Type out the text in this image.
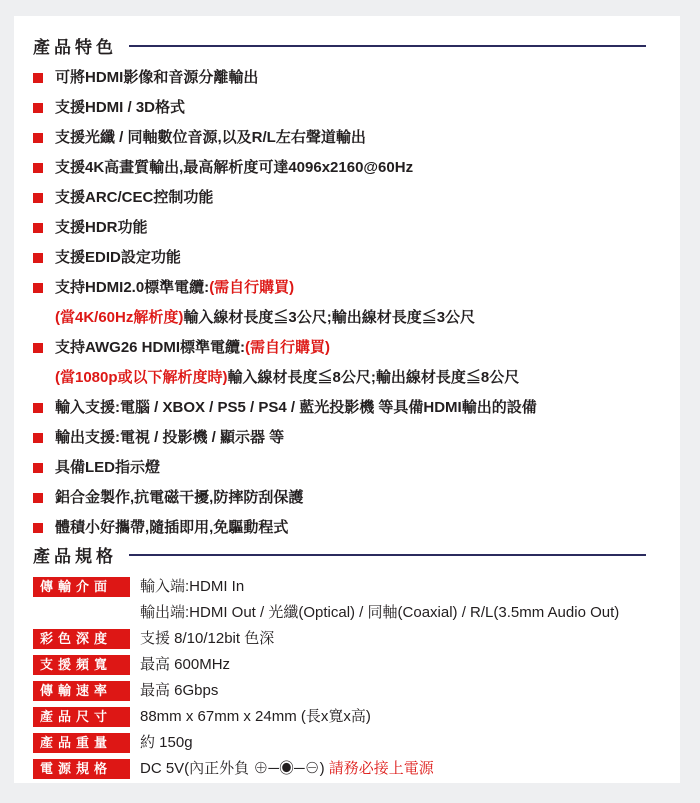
產品特色
可將HDMI影像和音源分離輸出
支援HDMI / 3D格式
支援光纖 / 同軸數位音源,以及R/L左右聲道輸出
支援4K高畫質輸出,最高解析度可達4096x2160@60Hz
支援ARC/CEC控制功能
支援HDR功能
支援EDID設定功能
支持HDMI2.0標準電纜:(需自行購買)
(當4K/60Hz解析度)輸入線材長度≦3公尺;輸出線材長度≦3公尺
支持AWG26 HDMI標準電纜:(需自行購買)
(當1080p或以下解析度時)輸入線材長度≦8公尺;輸出線材長度≦8公尺
輸入支援:電腦 / XBOX / PS5 / PS4 / 藍光投影機 等具備HDMI輸出的設備
輸出支援:電視 / 投影機 / 顯示器 等
具備LED指示燈
鋁合金製作,抗電磁干擾,防摔防刮保護
體積小好攜帶,隨插即用,免驅動程式
產品規格
傳輸介面	輸入端:HDMI In
輸出端:HDMI Out / 光纖(Optical) / 同軸(Coaxial) / R/L(3.5mm Audio Out)
彩色深度	支援 8/10/12bit 色深
支援頻寬	最高 600MHz
傳輸速率	最高 6Gbps
產品尺寸	88mm x 67mm x 24mm (長x寬x高)
產品重量	約 150g
電源規格	DC 5V(內正外負 ⊕─◉─⊖) 請務必接上電源
